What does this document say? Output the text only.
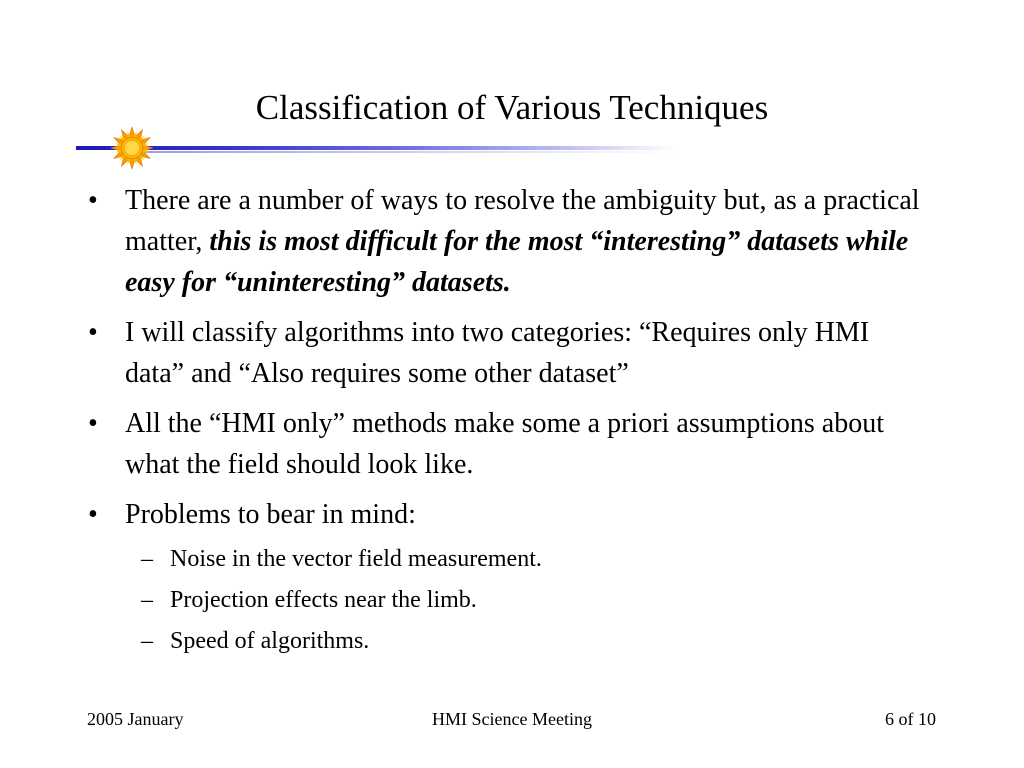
Classification of Various Techniques

• There are a number of ways to resolve the ambiguity but, as a practical matter, this is most difficult for the most “interesting” datasets while easy for “uninteresting” datasets.

• I will classify algorithms into two categories: “Requires only HMI data” and “Also requires some other dataset”

• All the “HMI only” methods make some a priori assumptions about what the field should look like.

• Problems to bear in mind:

– Noise in the vector field measurement.

– Projection effects near the limb.

– Speed of algorithms.

2005 January	HMI Science Meeting	6 of 10
